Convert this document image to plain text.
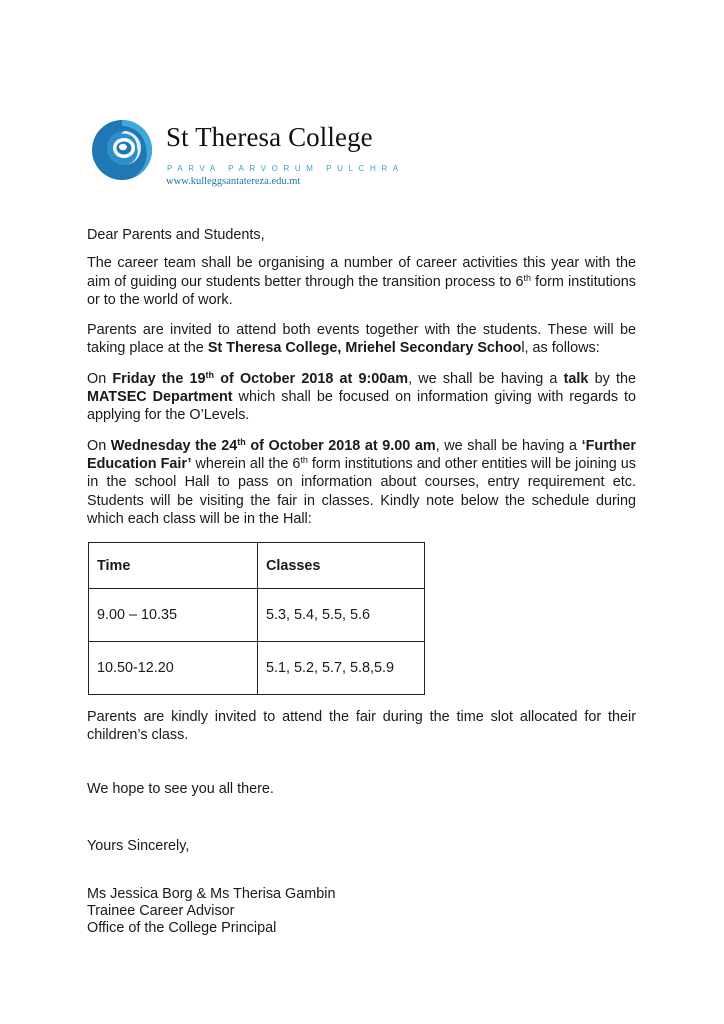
St Theresa College
PARVA PARVORUM PULCHRA
www.kulleggsantatereza.edu.mt

Dear Parents and Students,

The career team shall be organising a number of career activities this year with the aim of guiding our students better through the transition process to 6th form institutions or to the world of work.

Parents are invited to attend both events together with the students. These will be taking place at the St Theresa College, Mriehel Secondary School, as follows:

On Friday the 19th of October 2018 at 9:00am, we shall be having a talk by the MATSEC Department which shall be focused on information giving with regards to applying for the O’Levels.

On Wednesday the 24th of October 2018 at 9.00 am, we shall be having a ‘Further Education Fair’ wherein all the 6th form institutions and other entities will be joining us in the school Hall to pass on information about courses, entry requirement etc. Students will be visiting the fair in classes. Kindly note below the schedule during which each class will be in the Hall:

Time	Classes
9.00 – 10.35	5.3, 5.4, 5.5, 5.6
10.50-12.20	5.1, 5.2, 5.7, 5.8,5.9

Parents are kindly invited to attend the fair during the time slot allocated for their children’s class.

We hope to see you all there.
Yours Sincerely,
Ms Jessica Borg & Ms Therisa Gambin
Trainee Career Advisor
Office of the College Principal
